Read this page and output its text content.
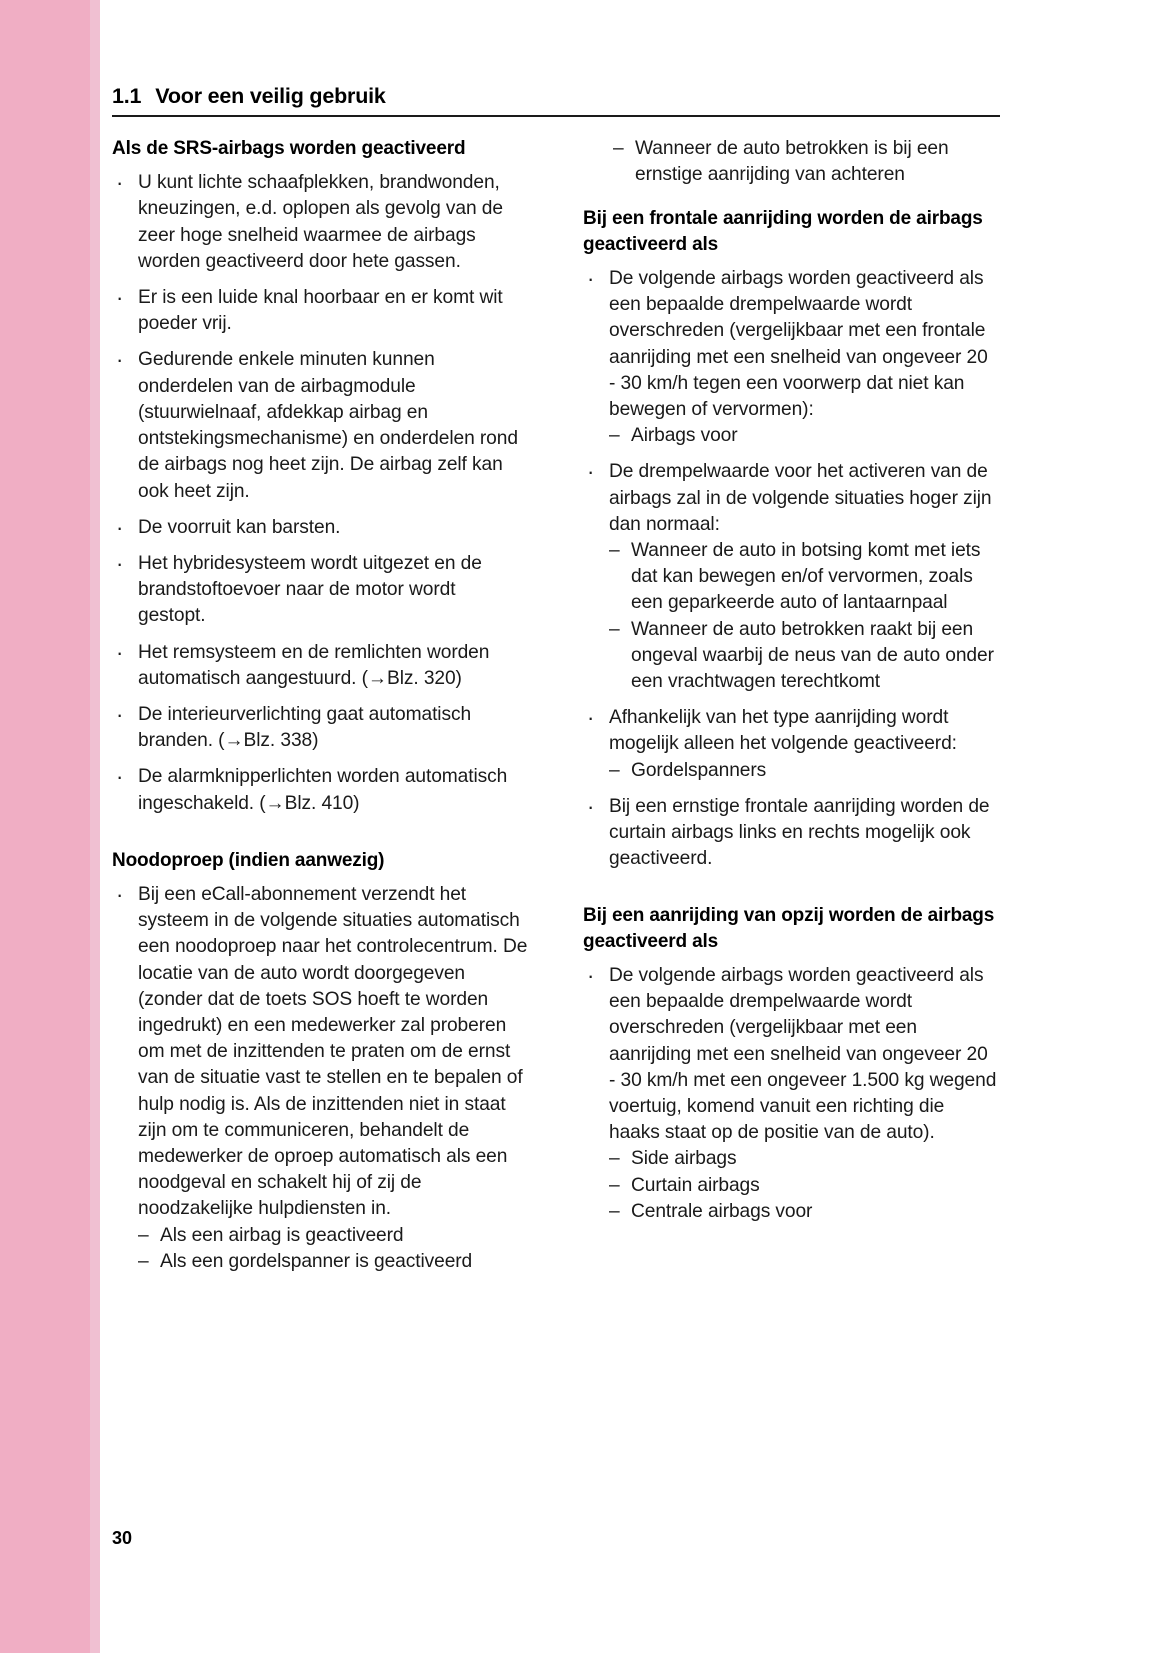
1.1 Voor een veilig gebruik
Als de SRS-airbags worden geactiveerd
· U kunt lichte schaafplekken, brandwonden, kneuzingen, e.d. oplopen als gevolg van de zeer hoge snelheid waarmee de airbags worden geactiveerd door hete gassen.
· Er is een luide knal hoorbaar en er komt wit poeder vrij.
· Gedurende enkele minuten kunnen onderdelen van de airbagmodule (stuurwielnaaf, afdekkap airbag en ontstekingsmechanisme) en onderdelen rond de airbags nog heet zijn. De airbag zelf kan ook heet zijn.
· De voorruit kan barsten.
· Het hybridesysteem wordt uitgezet en de brandstoftoevoer naar de motor wordt gestopt.
· Het remsysteem en de remlichten worden automatisch aangestuurd. (→Blz. 320)
· De interieurverlichting gaat automatisch branden. (→Blz. 338)
· De alarmknipperlichten worden automatisch ingeschakeld. (→Blz. 410)
Noodoproep (indien aanwezig)
· Bij een eCall-abonnement verzendt het systeem in de volgende situaties automatisch een noodoproep naar het controlecentrum. De locatie van de auto wordt doorgegeven (zonder dat de toets SOS hoeft te worden ingedrukt) en een medewerker zal proberen om met de inzittenden te praten om de ernst van de situatie vast te stellen en te bepalen of hulp nodig is. Als de inzittenden niet in staat zijn om te communiceren, behandelt de medewerker de oproep automatisch als een noodgeval en schakelt hij of zij de noodzakelijke hulpdiensten in.
– Als een airbag is geactiveerd
– Als een gordelspanner is geactiveerd
– Wanneer de auto betrokken is bij een ernstige aanrijding van achteren
Bij een frontale aanrijding worden de airbags geactiveerd als
· De volgende airbags worden geactiveerd als een bepaalde drempelwaarde wordt overschreden (vergelijkbaar met een frontale aanrijding met een snelheid van ongeveer 20 - 30 km/h tegen een voorwerp dat niet kan bewegen of vervormen):
– Airbags voor
· De drempelwaarde voor het activeren van de airbags zal in de volgende situaties hoger zijn dan normaal:
– Wanneer de auto in botsing komt met iets dat kan bewegen en/of vervormen, zoals een geparkeerde auto of lantaarnpaal
– Wanneer de auto betrokken raakt bij een ongeval waarbij de neus van de auto onder een vrachtwagen terechtkomt
· Afhankelijk van het type aanrijding wordt mogelijk alleen het volgende geactiveerd:
– Gordelspanners
· Bij een ernstige frontale aanrijding worden de curtain airbags links en rechts mogelijk ook geactiveerd.
Bij een aanrijding van opzij worden de airbags geactiveerd als
· De volgende airbags worden geactiveerd als een bepaalde drempelwaarde wordt overschreden (vergelijkbaar met een aanrijding met een snelheid van ongeveer 20 - 30 km/h met een ongeveer 1.500 kg wegend voertuig, komend vanuit een richting die haaks staat op de positie van de auto).
– Side airbags
– Curtain airbags
– Centrale airbags voor
30
